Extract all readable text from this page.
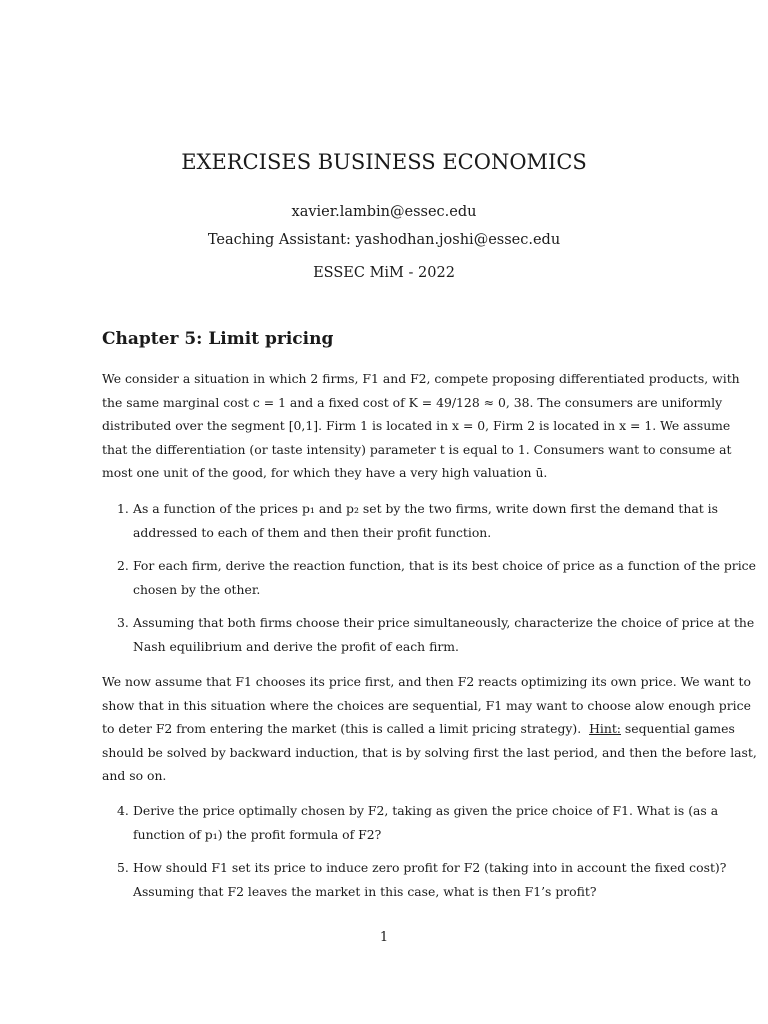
EXERCISES BUSINESS ECONOMICS
xavier.lambin@essec.edu
Teaching Assistant: yashodhan.joshi@essec.edu
ESSEC MiM - 2022
Chapter 5: Limit pricing
We consider a situation in which 2 firms, F1 and F2, compete proposing differentiated products, with
the same marginal cost c = 1 and a fixed cost of K = 49/128 ≈ 0, 38. The consumers are uniformly
distributed over the segment [0,1]. Firm 1 is located in x = 0, Firm 2 is located in x = 1. We assume
that the differentiation (or taste intensity) parameter t is equal to 1. Consumers want to consume at
most one unit of the good, for which they have a very high valuation ū.
1. As a function of the prices p₁ and p₂ set by the two firms, write down first the demand that is
addressed to each of them and then their profit function.
2. For each firm, derive the reaction function, that is its best choice of price as a function of the price
chosen by the other.
3. Assuming that both firms choose their price simultaneously, characterize the choice of price at the
Nash equilibrium and derive the profit of each firm.
We now assume that F1 chooses its price first, and then F2 reacts optimizing its own price. We want to
show that in this situation where the choices are sequential, F1 may want to choose alow enough price
to deter F2 from entering the market (this is called a limit pricing strategy). Hint: sequential games
should be solved by backward induction, that is by solving first the last period, and then the before last,
and so on.
4. Derive the price optimally chosen by F2, taking as given the price choice of F1. What is (as a
function of p₁) the profit formula of F2?
5. How should F1 set its price to induce zero profit for F2 (taking into in account the fixed cost)?
Assuming that F2 leaves the market in this case, what is then F1’s profit?
1
